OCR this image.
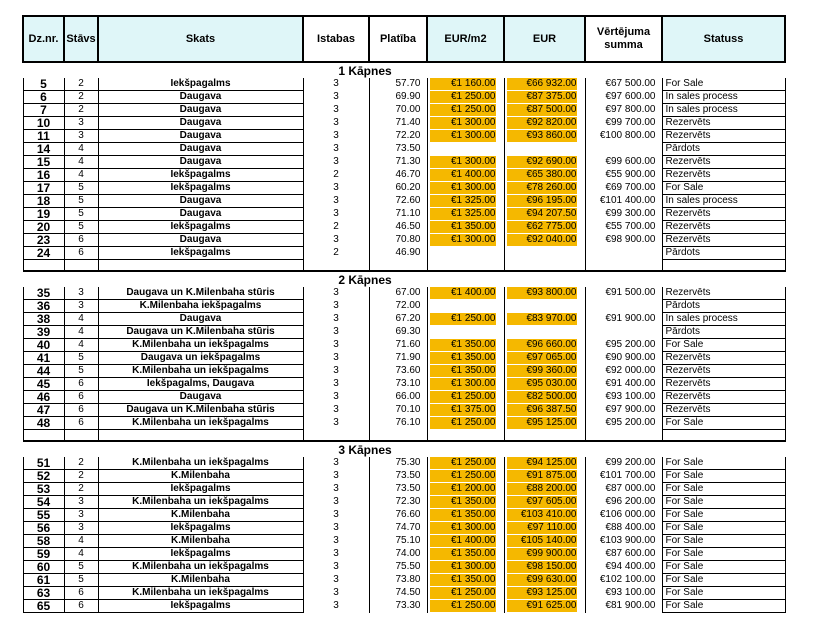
Dz.nr.	Stāvs	Skats	Istabas	Platība	EUR/m2	EUR	Vērtējuma summa	Statuss
			1 Kāpnes					
5	2	Iekšpagalms	3	57.70	€1 160.00	€66 932.00	€67 500.00	For Sale
6	2	Daugava	3	69.90	€1 250.00	€87 375.00	€97 600.00	In sales process
7	2	Daugava	3	70.00	€1 250.00	€87 500.00	€97 800.00	In sales process
10	3	Daugava	3	71.40	€1 300.00	€92 820.00	€99 700.00	Rezervēts
11	3	Daugava	3	72.20	€1 300.00	€93 860.00	€100 800.00	Rezervēts
14	4	Daugava	3	73.50				Pārdots
15	4	Daugava	3	71.30	€1 300.00	€92 690.00	€99 600.00	Rezervēts
16	4	Iekšpagalms	2	46.70	€1 400.00	€65 380.00	€55 900.00	Rezervēts
17	5	Iekšpagalms	3	60.20	€1 300.00	€78 260.00	€69 700.00	For Sale
18	5	Daugava	3	72.60	€1 325.00	€96 195.00	€101 400.00	In sales process
19	5	Daugava	3	71.10	€1 325.00	€94 207.50	€99 300.00	Rezervēts
20	5	Iekšpagalms	2	46.50	€1 350.00	€62 775.00	€55 700.00	Rezervēts
23	6	Daugava	3	70.80	€1 300.00	€92 040.00	€98 900.00	Rezervēts
24	6	Iekšpagalms	2	46.90				Pārdots

			2 Kāpnes					
35	3	Daugava un K.Milenbaha stūris	3	67.00	€1 400.00	€93 800.00	€91 500.00	Rezervēts
36	3	K.Milenbaha iekšpagalms	3	72.00				Pārdots
38	4	Daugava	3	67.20	€1 250.00	€83 970.00	€91 900.00	In sales process
39	4	Daugava un K.Milenbaha stūris	3	69.30				Pārdots
40	4	K.Milenbaha un iekšpagalms	3	71.60	€1 350.00	€96 660.00	€95 200.00	For Sale
41	5	Daugava un iekšpagalms	3	71.90	€1 350.00	€97 065.00	€90 900.00	Rezervēts
44	5	K.Milenbaha un iekšpagalms	3	73.60	€1 350.00	€99 360.00	€92 000.00	Rezervēts
45	6	Iekšpagalms, Daugava	3	73.10	€1 300.00	€95 030.00	€91 400.00	Rezervēts
46	6	Daugava	3	66.00	€1 250.00	€82 500.00	€93 100.00	Rezervēts
47	6	Daugava un K.Milenbaha stūris	3	70.10	€1 375.00	€96 387.50	€97 900.00	Rezervēts
48	6	K.Milenbaha un iekšpagalms	3	76.10	€1 250.00	€95 125.00	€95 200.00	For Sale

			3 Kāpnes					
51	2	K.Milenbaha un iekšpagalms	3	75.30	€1 250.00	€94 125.00	€99 200.00	For Sale
52	2	K.Milenbaha	3	73.50	€1 250.00	€91 875.00	€101 700.00	For Sale
53	2	Iekšpagalms	3	73.50	€1 200.00	€88 200.00	€87 000.00	For Sale
54	3	K.Milenbaha un iekšpagalms	3	72.30	€1 350.00	€97 605.00	€96 200.00	For Sale
55	3	K.Milenbaha	3	76.60	€1 350.00	€103 410.00	€106 000.00	For Sale
56	3	Iekšpagalms	3	74.70	€1 300.00	€97 110.00	€88 400.00	For Sale
58	4	K.Milenbaha	3	75.10	€1 400.00	€105 140.00	€103 900.00	For Sale
59	4	Iekšpagalms	3	74.00	€1 350.00	€99 900.00	€87 600.00	For Sale
60	5	K.Milenbaha un iekšpagalms	3	75.50	€1 300.00	€98 150.00	€94 400.00	For Sale
61	5	K.Milenbaha	3	73.80	€1 350.00	€99 630.00	€102 100.00	For Sale
63	6	K.Milenbaha un iekšpagalms	3	74.50	€1 250.00	€93 125.00	€93 100.00	For Sale
65	6	Iekšpagalms	3	73.30	€1 250.00	€91 625.00	€81 900.00	For Sale
